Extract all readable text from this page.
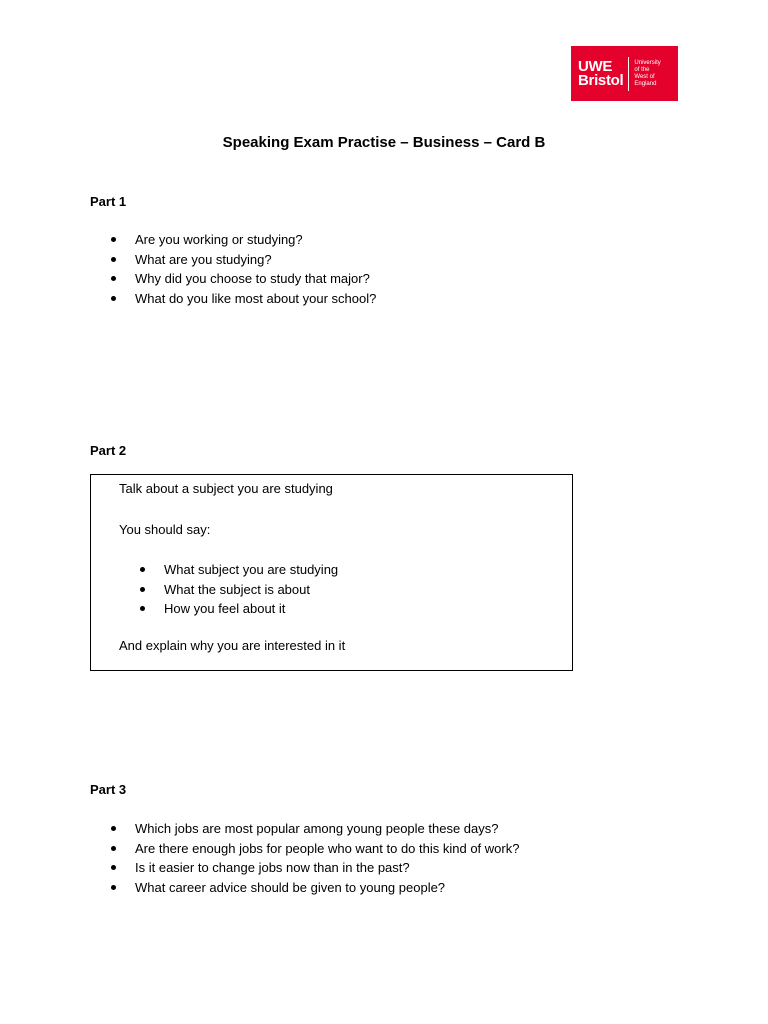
UWE
Bristol
University
of the
West of
England
Speaking Exam Practise – Business – Card B
Part 1
Are you working or studying?
What are you studying?
Why did you choose to study that major?
What do you like most about your school?
Part 2

Talk about a subject you are studying

You should say:

What subject you are studying
What the subject is about
How you feel about it

And explain why you are interested in it

Part 3
Which jobs are most popular among young people these days?
Are there enough jobs for people who want to do this kind of work?
Is it easier to change jobs now than in the past?
What career advice should be given to young people?
